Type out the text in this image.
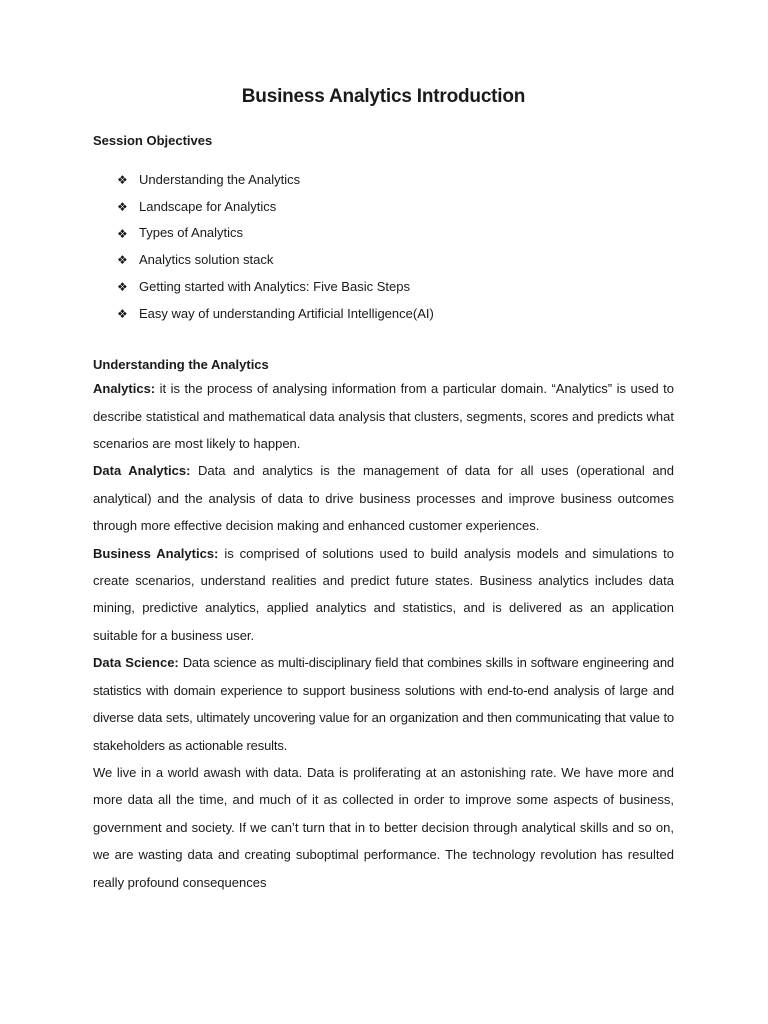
Business Analytics Introduction
Session Objectives
❖ Understanding the Analytics
❖ Landscape for Analytics
❖ Types of Analytics
❖ Analytics solution stack
❖ Getting started with Analytics: Five Basic Steps
❖ Easy way of understanding Artificial Intelligence(AI)
Understanding the Analytics

Analytics: it is the process of analysing information from a particular domain. “Analytics” is used to describe statistical and mathematical data analysis that clusters, segments, scores and predicts what scenarios are most likely to happen.

Data Analytics: Data and analytics is the management of data for all uses (operational and analytical) and the analysis of data to drive business processes and improve business outcomes through more effective decision making and enhanced customer experiences.

Business Analytics: is comprised of solutions used to build analysis models and simulations to create scenarios, understand realities and predict future states. Business analytics includes data mining, predictive analytics, applied analytics and statistics, and is delivered as an application suitable for a business user.

Data Science: Data science as multi-disciplinary field that combines skills in software engineering and statistics with domain experience to support business solutions with end-to-end analysis of large and diverse data sets, ultimately uncovering value for an organization and then communicating that value to stakeholders as actionable results.

We live in a world awash with data. Data is proliferating at an astonishing rate. We have more and more data all the time, and much of it as collected in order to improve some aspects of business, government and society. If we can’t turn that in to better decision through analytical skills and so on, we are wasting data and creating suboptimal performance. The technology revolution has resulted really profound consequences
